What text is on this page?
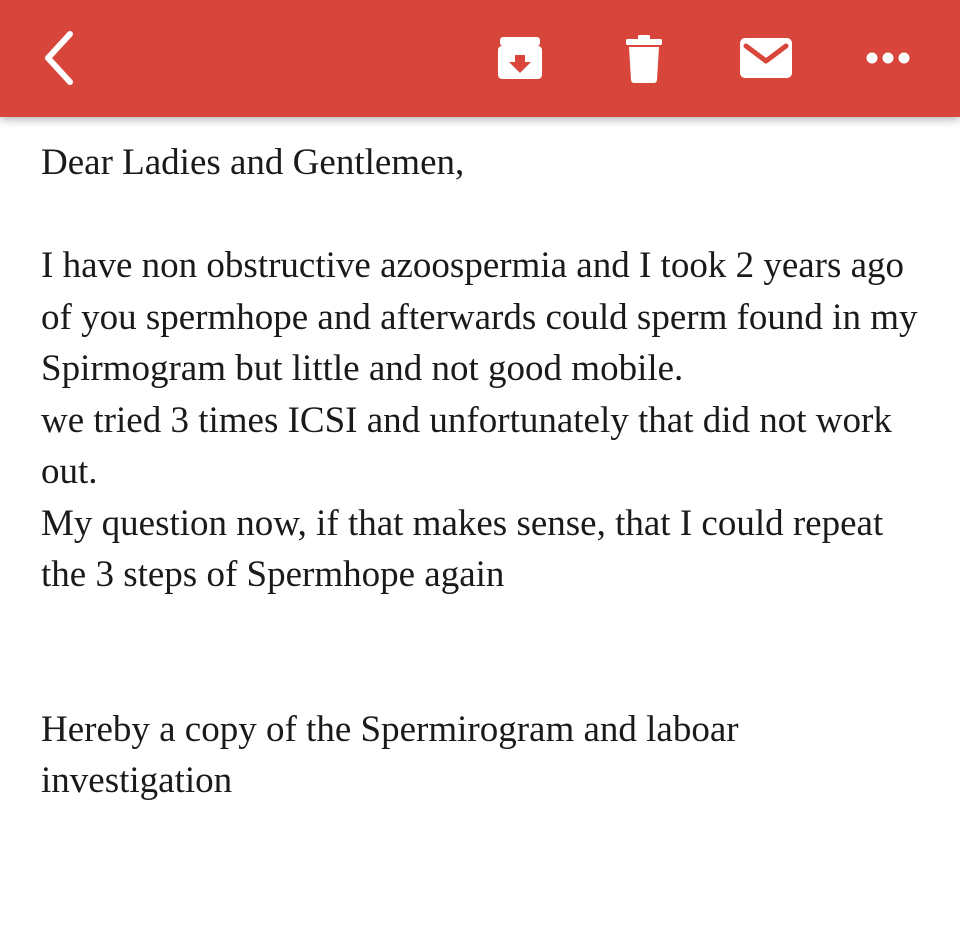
Dear Ladies and Gentlemen,

I have non obstructive azoospermia and I took 2 years ago of you spermhope and afterwards could sperm found in my Spirmogram but little and not good mobile.

we tried 3 times ICSI and unfortunately that did not work out.

My question now, if that makes sense, that I could repeat the 3 steps of Spermhope again

Hereby a copy of the Spermirogram and laboar investigation
